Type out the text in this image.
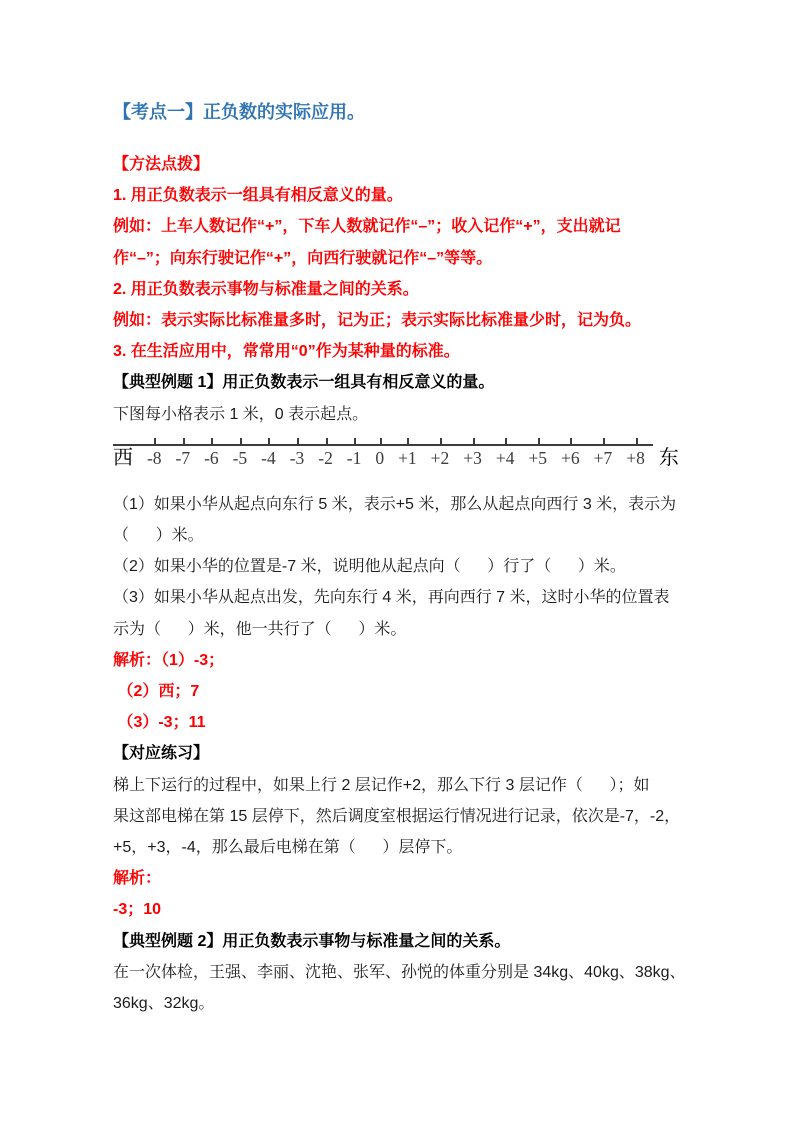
【考点一】正负数的实际应用。
【方法点拨】
1. 用正负数表示一组具有相反意义的量。
例如：上车人数记作“+”，下车人数就记作“–”；收入记作“+”，支出就记
作“–”；向东行驶记作“+”，向西行驶就记作“–”等等。
2. 用正负数表示事物与标准量之间的关系。
例如：表示实际比标准量多时，记为正；表示实际比标准量少时，记为负。
3. 在生活应用中，常常用“0”作为某种量的标准。
【典型例题 1】用正负数表示一组具有相反意义的量。
下图每小格表示 1 米，0 表示起点。
西 -8 -7 -6 -5 -4 -3 -2 -1 0 +1 +2 +3 +4 +5 +6 +7 +8 东
（1）如果小华从起点向东行 5 米，表示+5 米，那么从起点向西行 3 米，表示为
（      ）米。
（2）如果小华的位置是-7 米，说明他从起点向（      ）行了（      ）米。
（3）如果小华从起点出发，先向东行 4 米，再向西行 7 米，这时小华的位置表
示为（      ）米，他一共行了（      ）米。
解析：（1）-3；
（2）西；7
（3）-3；11
【对应练习】
梯上下运行的过程中，如果上行 2 层记作+2，那么下行 3 层记作（      ）；如
果这部电梯在第 15 层停下，然后调度室根据运行情况进行记录，依次是-7，-2，
+5，+3，-4，那么最后电梯在第（      ）层停下。
解析：
-3；10
【典型例题 2】用正负数表示事物与标准量之间的关系。
在一次体检，王强、李丽、沈艳、张军、孙悦的体重分别是 34kg、40kg、38kg、
36kg、32kg。
